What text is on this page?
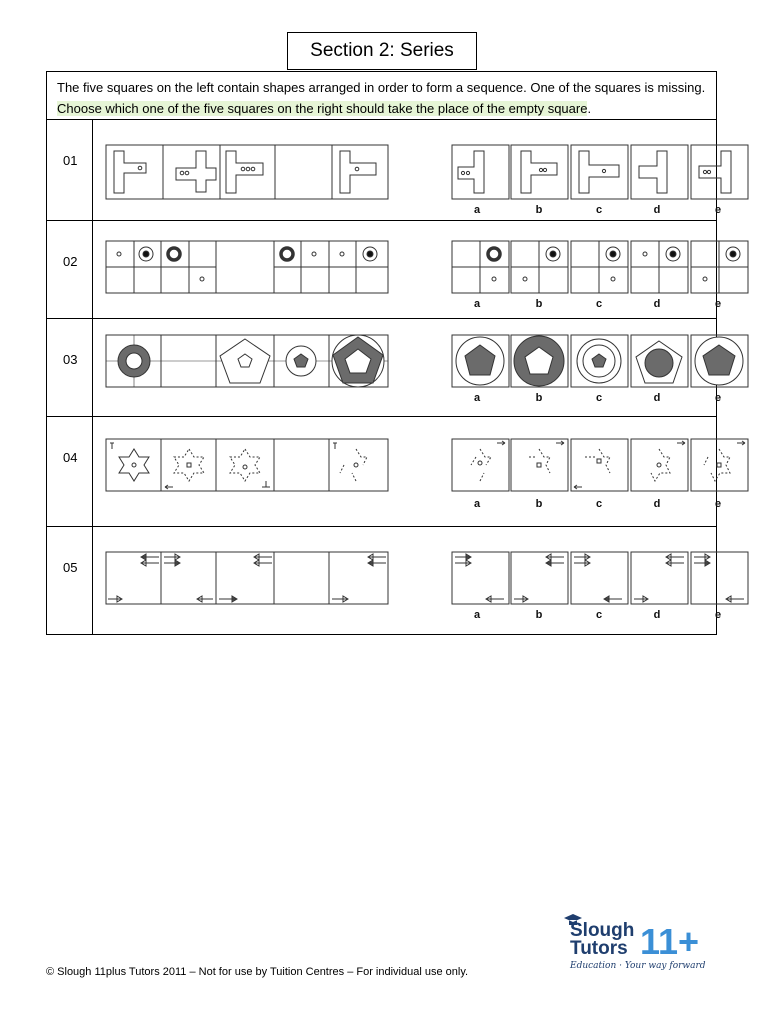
Section 2: Series
The five squares on the left contain shapes arranged in order to form a sequence. One of the squares is missing. Choose which one of the five squares on the right should take the place of the empty square.
01
a	b	c	d	e
02
a	b	c	d	e
03
a	b	c	d	e
04
a	b	c	d	e
05
a	b	c	d	e
© Slough 11plus Tutors 2011 – Not for use by Tuition Centres – For individual use only.
Slough
Tutors 11+
Education · Your way forward
